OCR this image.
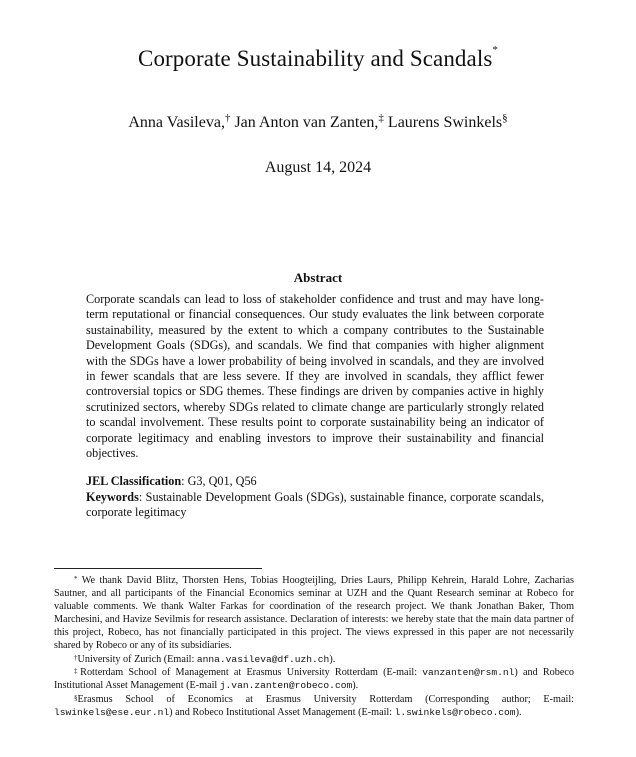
Corporate Sustainability and Scandals*
Anna Vasileva,† Jan Anton van Zanten,‡ Laurens Swinkels§
August 14, 2024
Abstract
Corporate scandals can lead to loss of stakeholder confidence and trust and may have long-term reputational or financial consequences. Our study evaluates the link between corporate sustainability, measured by the extent to which a company contributes to the Sustainable Development Goals (SDGs), and scandals. We find that companies with higher alignment with the SDGs have a lower probability of being involved in scandals, and they are involved in fewer scandals that are less severe. If they are involved in scandals, they afflict fewer controversial topics or SDG themes. These findings are driven by companies active in highly scrutinized sectors, whereby SDGs related to climate change are particularly strongly related to scandal involvement. These results point to corporate sustainability being an indicator of corporate legitimacy and enabling investors to improve their sustainability and financial objectives.
JEL Classification: G3, Q01, Q56
Keywords: Sustainable Development Goals (SDGs), sustainable finance, corporate scandals, corporate legitimacy

* We thank David Blitz, Thorsten Hens, Tobias Hoogteijling, Dries Laurs, Philipp Kehrein, Harald Lohre, Zacharias Sautner, and all participants of the Financial Economics seminar at UZH and the Quant Research seminar at Robeco for valuable comments. We thank Walter Farkas for coordination of the research project. We thank Jonathan Baker, Thom Marchesini, and Havize Sevilmis for research assistance. Declaration of interests: we hereby state that the main data partner of this project, Robeco, has not financially participated in this project. The views expressed in this paper are not necessarily shared by Robeco or any of its subsidiaries.

†University of Zurich (Email: anna.vasileva@df.uzh.ch).

‡Rotterdam School of Management at Erasmus University Rotterdam (E-mail: vanzanten@rsm.nl) and Robeco Institutional Asset Management (E-mail j.van.zanten@robeco.com).

§Erasmus School of Economics at Erasmus University Rotterdam (Corresponding author; E-mail: lswinkels@ese.eur.nl) and Robeco Institutional Asset Management (E-mail: l.swinkels@robeco.com).
